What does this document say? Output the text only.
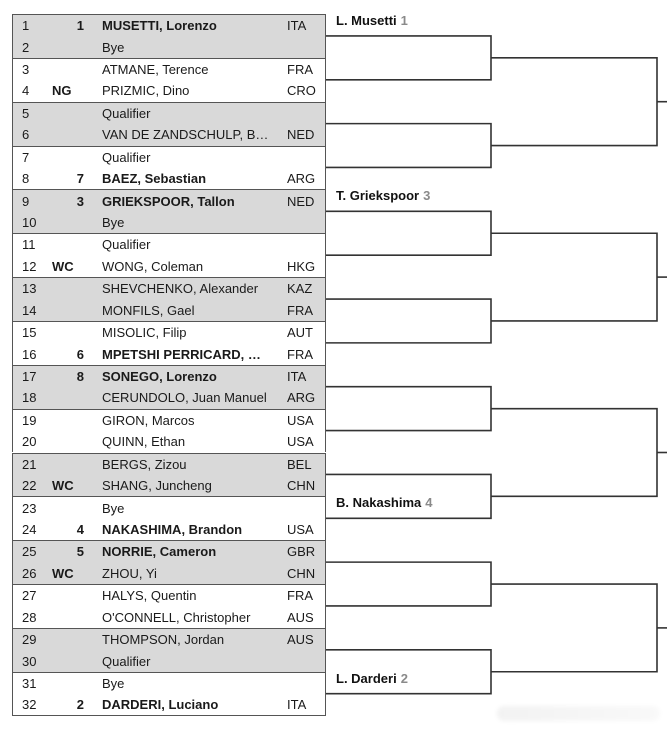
1	1 MUSETTI, Lorenzo	ITA
2	Bye
3	ATMANE, Terence	FRA
4 NG PRIZMIC, Dino	CRO
5	Qualifier
6	VAN DE ZANDSCHULP, B…	NED
7	Qualifier
8	7 BAEZ, Sebastian	ARG
9	3 GRIEKSPOOR, Tallon	NED
10	Bye
11	Qualifier
12 WC WONG, Coleman	HKG
13	SHEVCHENKO, Alexander	KAZ
14	MONFILS, Gael	FRA
15	MISOLIC, Filip	AUT
16	6 MPETSHI PERRICARD, …	FRA
17	8 SONEGO, Lorenzo	ITA
18	CERUNDOLO, Juan Manuel	ARG
19	GIRON, Marcos	USA
20	QUINN, Ethan	USA
21	BERGS, Zizou	BEL
22 WC SHANG, Juncheng	CHN
23	Bye
24	4 NAKASHIMA, Brandon	USA
25	5 NORRIE, Cameron	GBR
26 WC ZHOU, Yi	CHN
27	HALYS, Quentin	FRA
28	O'CONNELL, Christopher	AUS
29	THOMPSON, Jordan	AUS
30	Qualifier
31	Bye
32	2 DARDERI, Luciano	ITA
L. Musetti 1
T. Griekspoor 3
B. Nakashima 4
L. Darderi 2
